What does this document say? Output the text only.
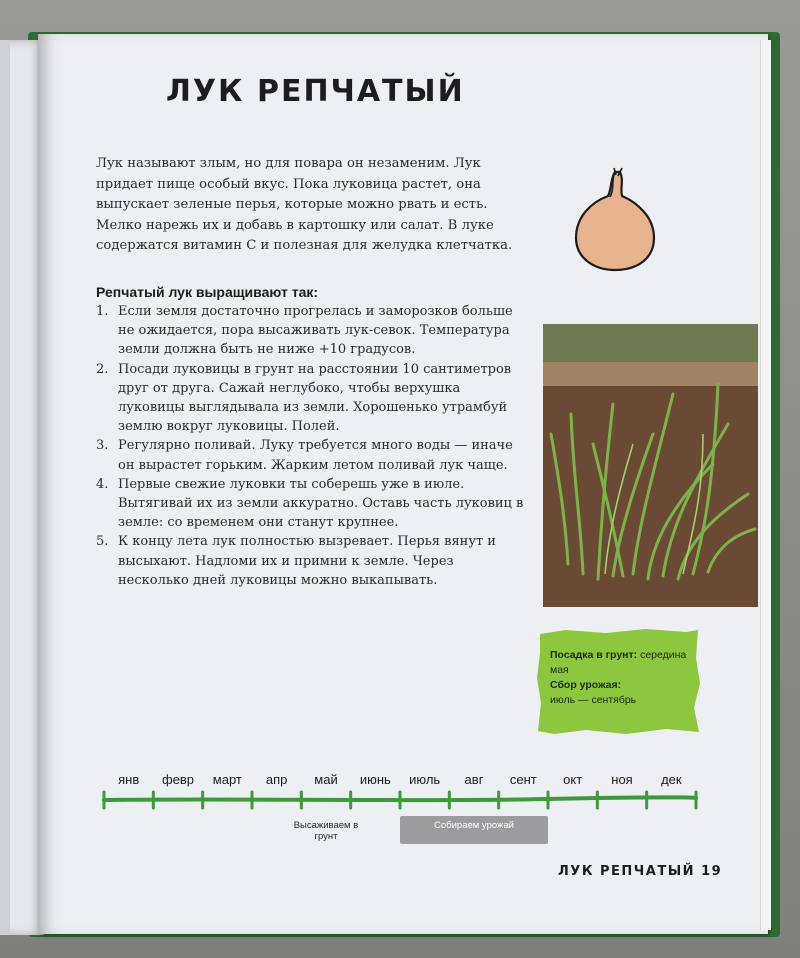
ЛУК РЕПЧАТЫЙ

Лук называют злым, но для повара он незаменим. Лук придает пище особый вкус. Пока луковица растет, она выпускает зеленые перья, которые можно рвать и есть. Мелко нарежь их и добавь в картошку или салат. В луке содержатся витамин С и полезная для желудка клетчатка.

Репчатый лук выращивают так:
1. Если земля достаточно прогрелась и заморозков больше не ожидается, пора высаживать лук-севок. Температура земли должна быть не ниже +10 градусов.
2. Посади луковицы в грунт на расстоянии 10 сантиметров друг от друга. Сажай неглубоко, чтобы верхушка луковицы выглядывала из земли. Хорошенько утрамбуй землю вокруг луковицы. Полей.
3. Регулярно поливай. Луку требуется много воды — иначе он вырастет горьким. Жарким летом поливай лук чаще.
4. Первые свежие луковки ты соберешь уже в июле. Вытягивай их из земли аккуратно. Оставь часть луковиц в земле: со временем они станут крупнее.
5. К концу лета лук полностью вызревает. Перья вянут и высыхают. Надломи их и примни к земле. Через несколько дней луковицы можно выкапывать.
Посадка в грунт: середина мая
Сбор урожая:
июль — сентябрь
янв февр март апр май июнь июль авг сент окт ноя дек
Высаживаем в грунт
Собираем урожай
ЛУК РЕПЧАТЫЙ 19
